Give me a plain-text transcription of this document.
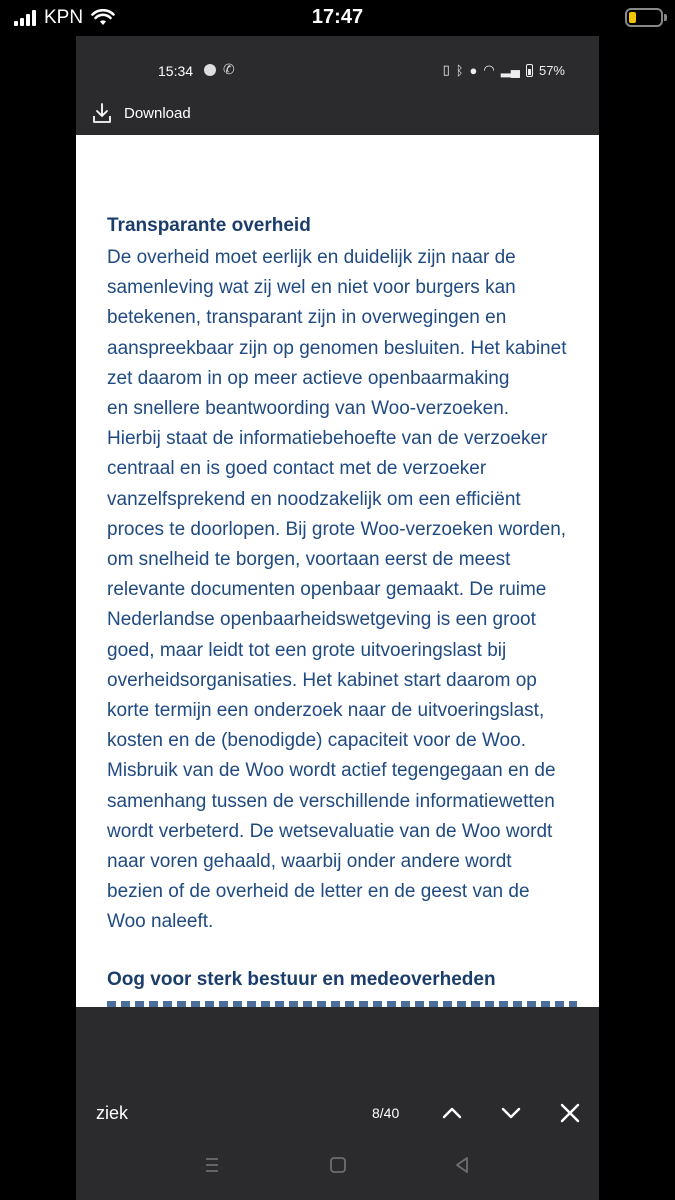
KPN	17:47
15:34 ✆	▯ ᛒ ● ◠ ▂▄ 57%
Download
Transparante overheid
De overheid moet eerlijk en duidelijk zijn naar de
samenleving wat zij wel en niet voor burgers kan
betekenen, transparant zijn in overwegingen en
aanspreekbaar zijn op genomen besluiten. Het kabinet
zet daarom in op meer actieve openbaarmaking
en snellere beantwoording van Woo-verzoeken.
Hierbij staat de informatiebehoefte van de verzoeker
centraal en is goed contact met de verzoeker
vanzelfsprekend en noodzakelijk om een efficiënt
proces te doorlopen. Bij grote Woo-verzoeken worden,
om snelheid te borgen, voortaan eerst de meest
relevante documenten openbaar gemaakt. De ruime
Nederlandse openbaarheidswetgeving is een groot
goed, maar leidt tot een grote uitvoeringslast bij
overheidsorganisaties. Het kabinet start daarom op
korte termijn een onderzoek naar de uitvoeringslast,
kosten en de (benodigde) capaciteit voor de Woo.
Misbruik van de Woo wordt actief tegengegaan en de
samenhang tussen de verschillende informatiewetten
wordt verbeterd. De wetsevaluatie van de Woo wordt
naar voren gehaald, waarbij onder andere wordt
bezien of de overheid de letter en de geest van de
Woo naleeft.
Oog voor sterk bestuur en medeoverheden
ziek	8/40
